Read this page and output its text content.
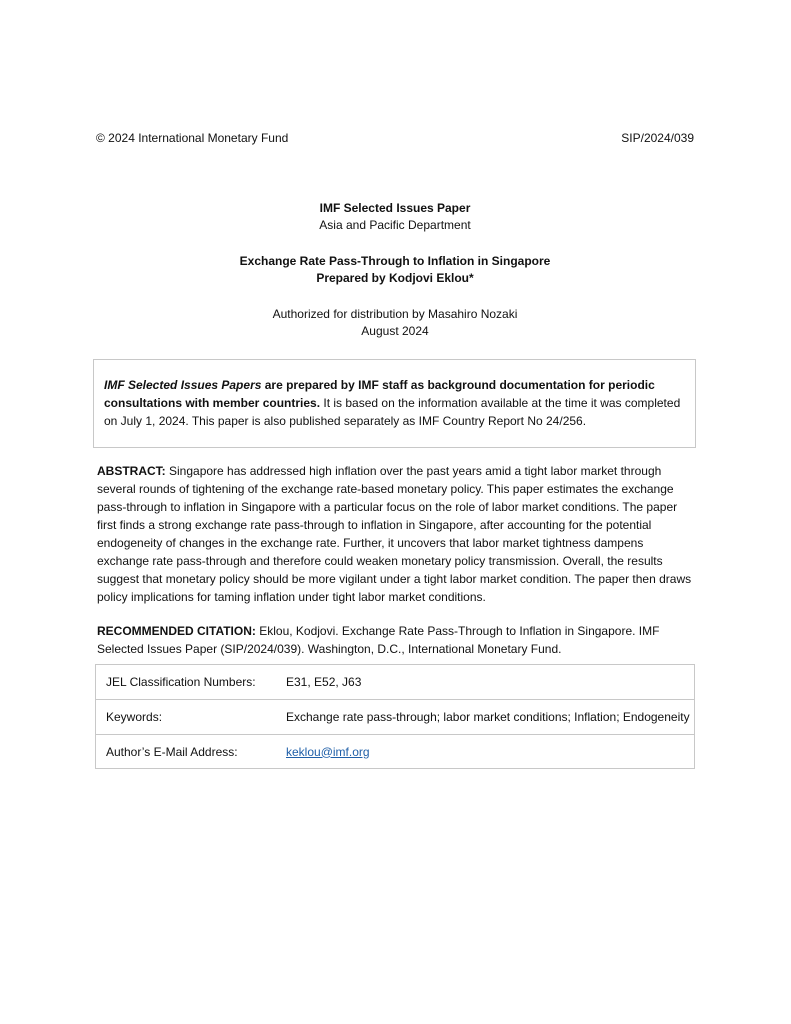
© 2024 International Monetary Fund	SIP/2024/039
IMF Selected Issues Paper
Asia and Pacific Department
Exchange Rate Pass-Through to Inflation in Singapore
Prepared by Kodjovi Eklou*
Authorized for distribution by Masahiro Nozaki
August 2024
IMF Selected Issues Papers are prepared by IMF staff as background documentation for periodic consultations with member countries. It is based on the information available at the time it was completed on July 1, 2024. This paper is also published separately as IMF Country Report No 24/256.
ABSTRACT: Singapore has addressed high inflation over the past years amid a tight labor market through several rounds of tightening of the exchange rate-based monetary policy. This paper estimates the exchange pass-through to inflation in Singapore with a particular focus on the role of labor market conditions. The paper first finds a strong exchange rate pass-through to inflation in Singapore, after accounting for the potential endogeneity of changes in the exchange rate. Further, it uncovers that labor market tightness dampens exchange rate pass-through and therefore could weaken monetary policy transmission. Overall, the results suggest that monetary policy should be more vigilant under a tight labor market condition. The paper then draws policy implications for taming inflation under tight labor market conditions.
RECOMMENDED CITATION: Eklou, Kodjovi. Exchange Rate Pass-Through to Inflation in Singapore. IMF Selected Issues Paper (SIP/2024/039). Washington, D.C., International Monetary Fund.
JEL Classification Numbers:	E31, E52, J63
Keywords:	Exchange rate pass-through; labor market conditions; Inflation; Endogeneity
Author’s E-Mail Address:	keklou@imf.org
